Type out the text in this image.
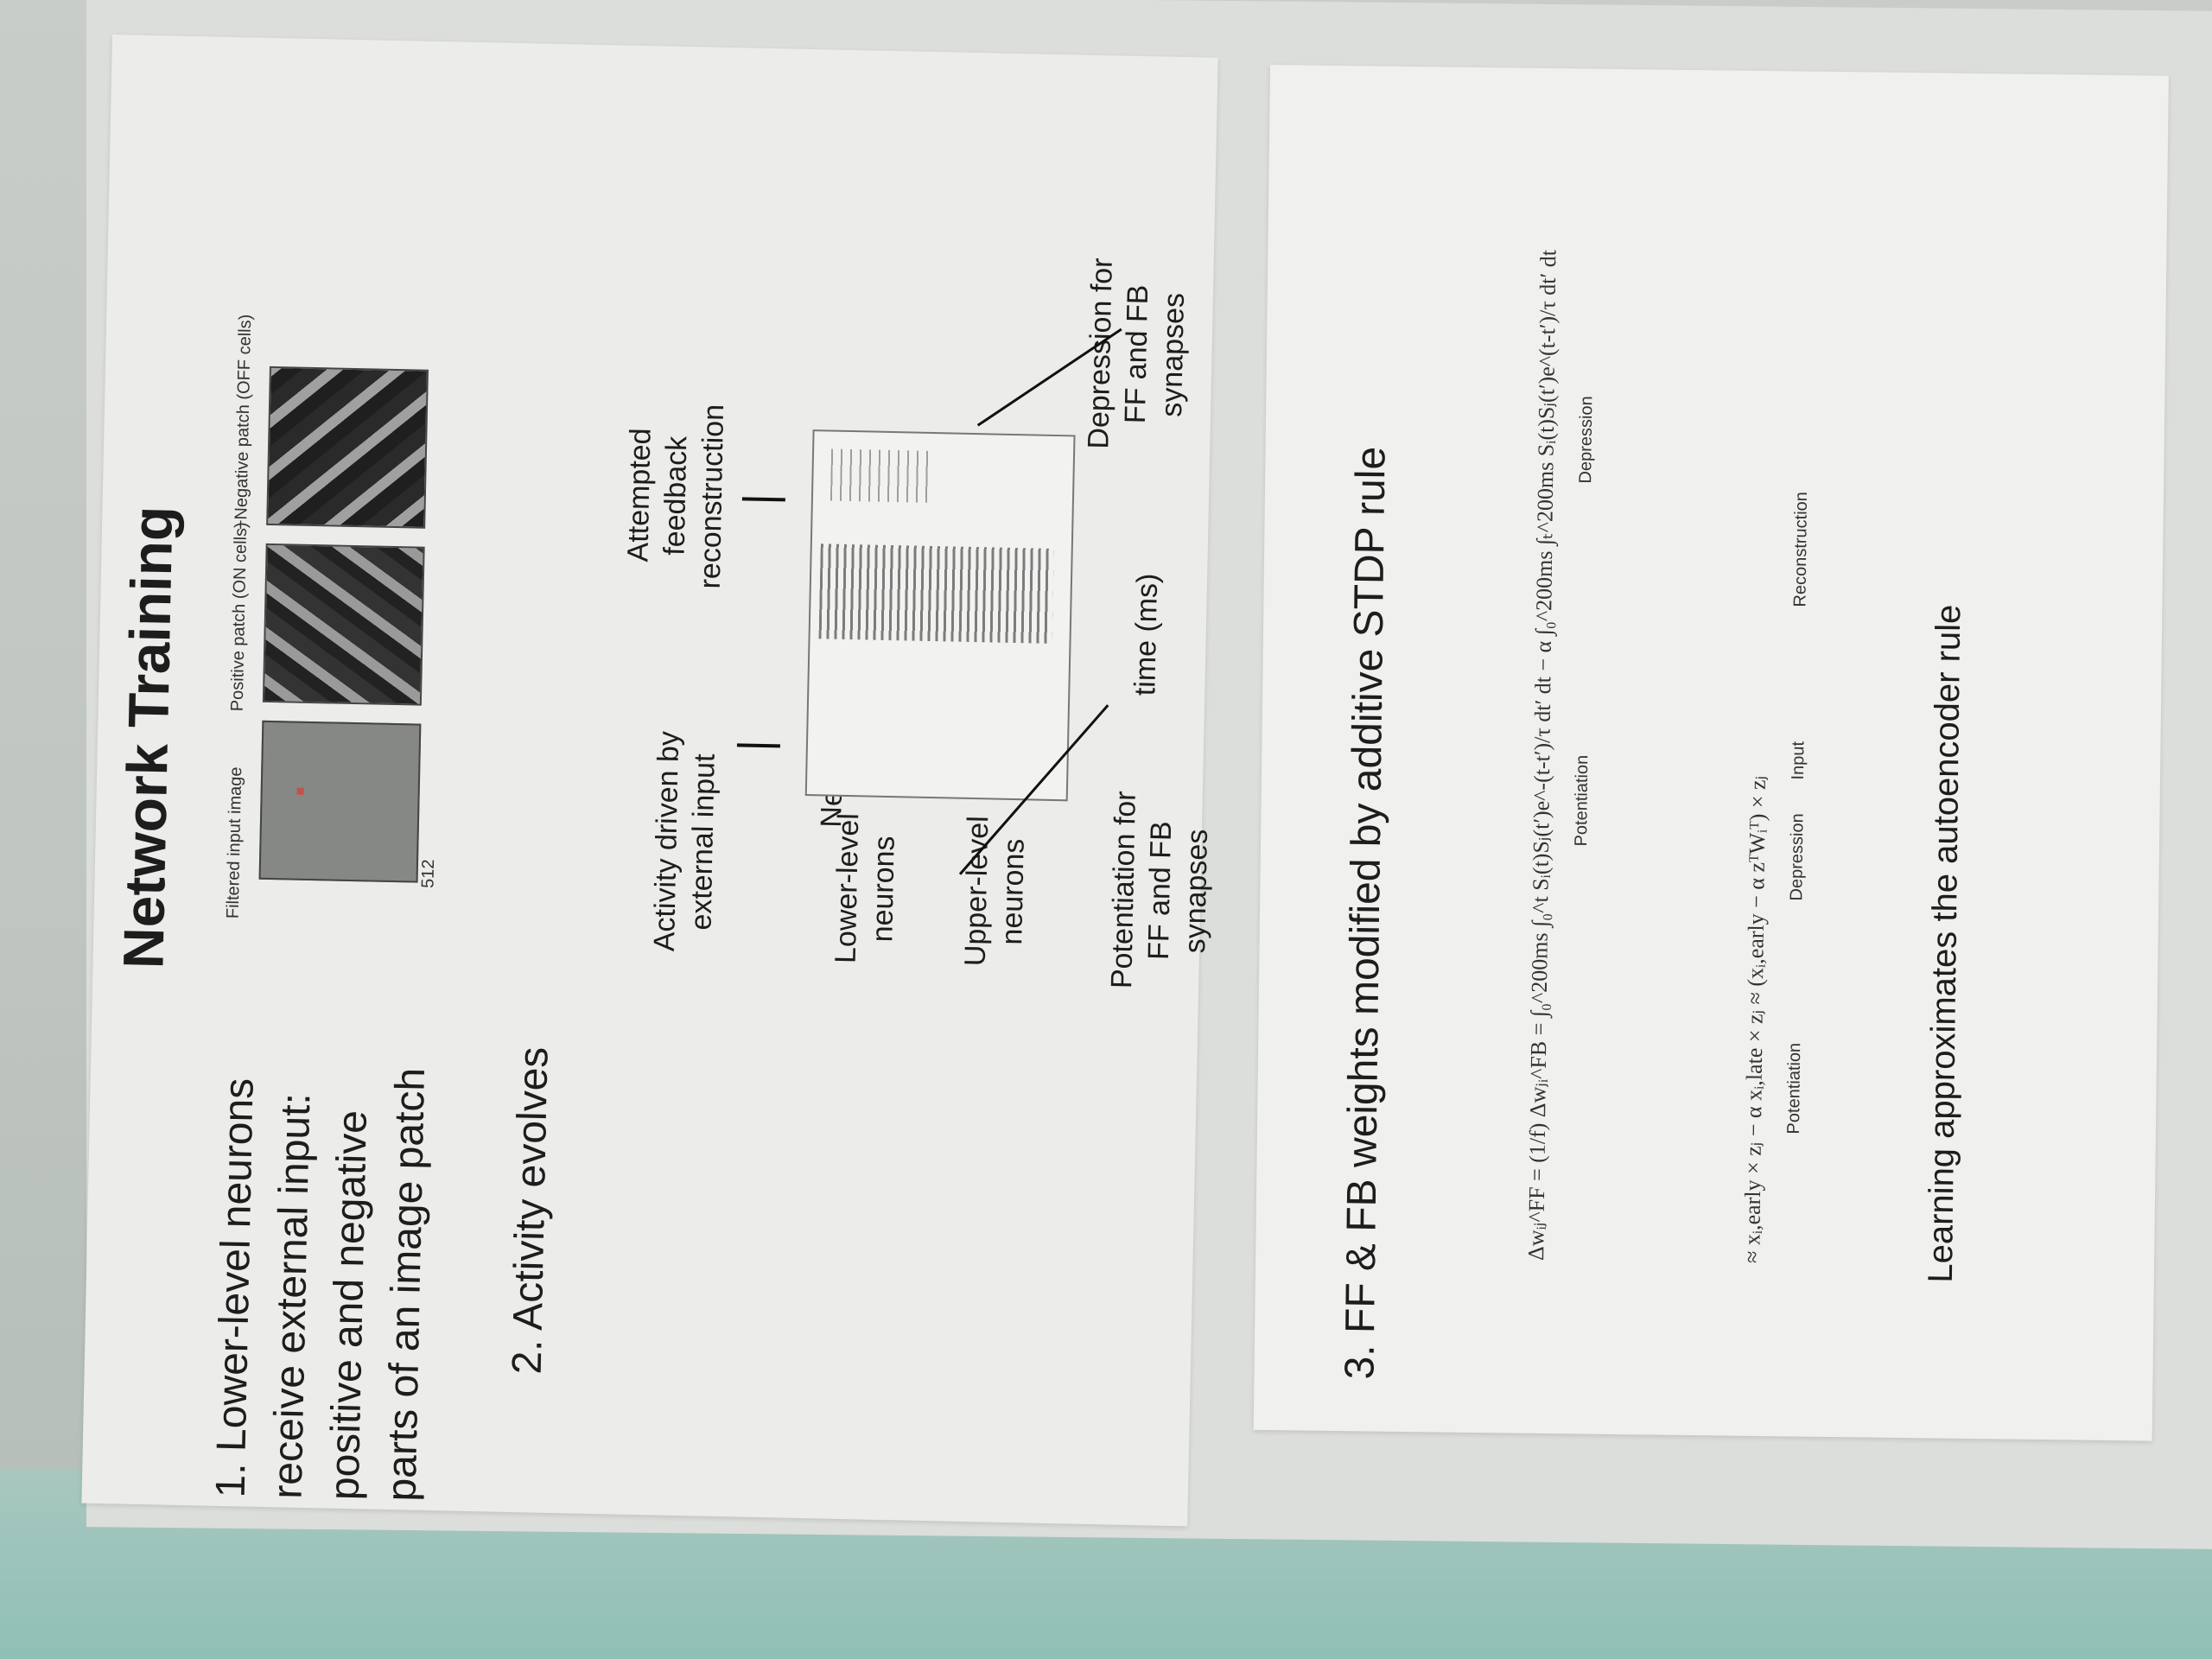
Network Training
1. Lower-level neurons receive external input: positive and negative parts of an image patch
Filtered input image	512
Positive patch (ON cells)
−Negative patch (OFF cells)
2. Activity evolves
Activity driven by external input
Attempted feedback reconstruction
Lower-level neurons Upper-level neurons
time (ms)
Potentiation for FF and FB synapses
Depression for FF and FB synapses
3. FF & FB weights modified by additive STDP rule	Δwᵢⱼ^FF = (1/f) Δwⱼᵢ^FB = ∫₀^200ms ∫₀^t Sᵢ(t)Sⱼ(t′)e^-(t-t′)/τ dt′ dt − α ∫₀^200ms ∫ₜ^200ms Sᵢ(t)Sⱼ(t′)e^(t-t′)/τ dt′ dt Potentiation
Depression
≈ xᵢ,early × zⱼ − α xᵢ,late × zⱼ ≈ (xᵢ,early − α zᵀWᵢᵀ) × zⱼ Potentiation
Depression
Input
Reconstruction
Learning approximates the autoencoder rule
